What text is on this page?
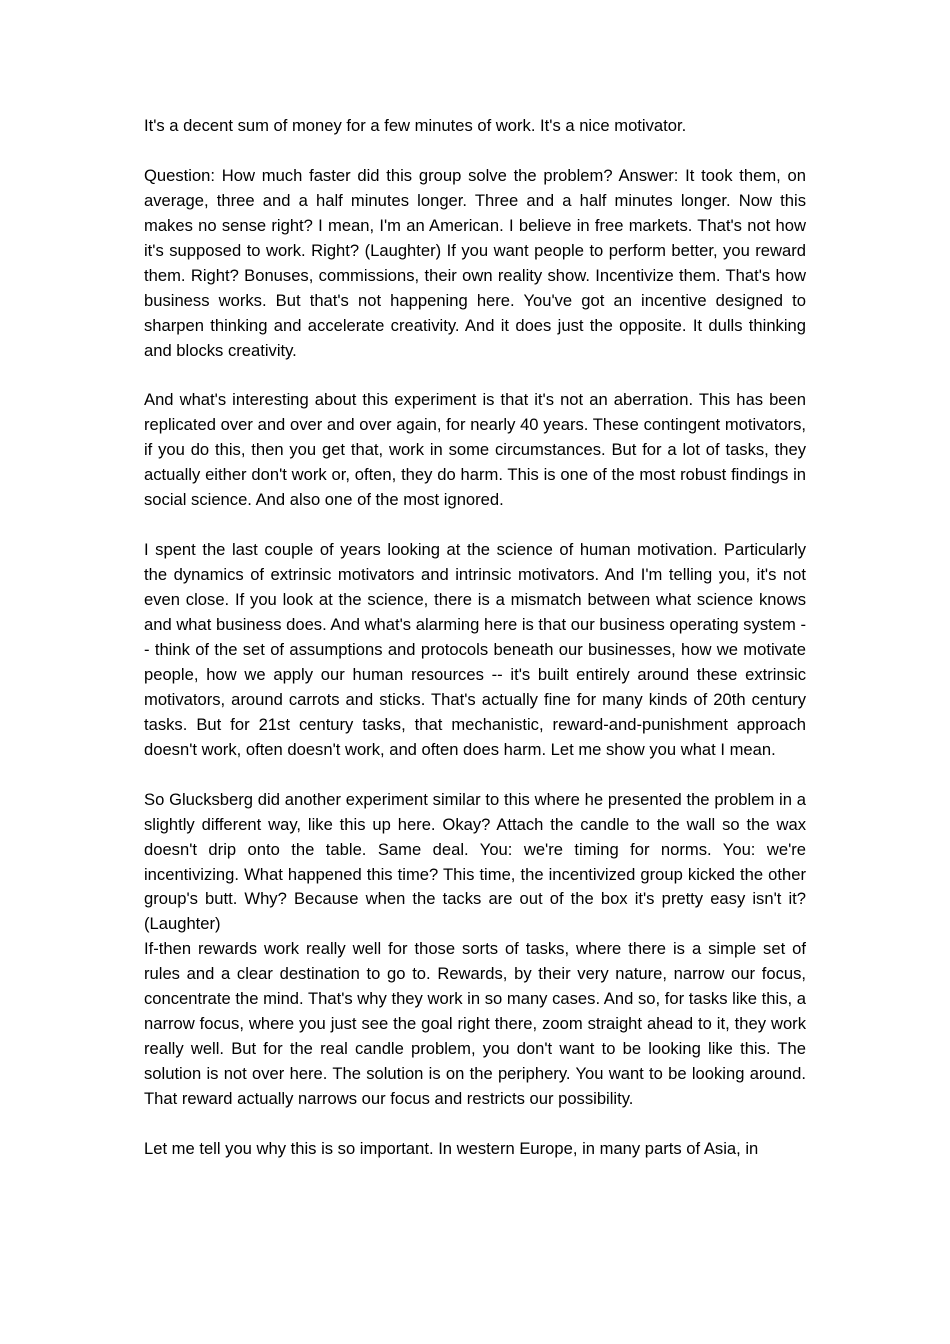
It's a decent sum of money for a few minutes of work. It's a nice motivator.

Question: How much faster did this group solve the problem? Answer: It took them, on average, three and a half minutes longer. Three and a half minutes longer. Now this makes no sense right? I mean, I'm an American. I believe in free markets. That's not how it's supposed to work. Right? (Laughter) If you want people to perform better, you reward them. Right? Bonuses, commissions, their own reality show. Incentivize them. That's how business works. But that's not happening here. You've got an incentive designed to sharpen thinking and accelerate creativity. And it does just the opposite. It dulls thinking and blocks creativity.

And what's interesting about this experiment is that it's not an aberration. This has been replicated over and over and over again, for nearly 40 years. These contingent motivators, if you do this, then you get that, work in some circumstances. But for a lot of tasks, they actually either don't work or, often, they do harm. This is one of the most robust findings in social science. And also one of the most ignored.

I spent the last couple of years looking at the science of human motivation. Particularly the dynamics of extrinsic motivators and intrinsic motivators. And I'm telling you, it's not even close. If you look at the science, there is a mismatch between what science knows and what business does. And what's alarming here is that our business operating system -- think of the set of assumptions and protocols beneath our businesses, how we motivate people, how we apply our human resources -- it's built entirely around these extrinsic motivators, around carrots and sticks. That's actually fine for many kinds of 20th century tasks. But for 21st century tasks, that mechanistic, reward-and-punishment approach doesn't work, often doesn't work, and often does harm. Let me show you what I mean.

So Glucksberg did another experiment similar to this where he presented the problem in a slightly different way, like this up here. Okay? Attach the candle to the wall so the wax doesn't drip onto the table. Same deal. You: we're timing for norms. You: we're incentivizing. What happened this time? This time, the incentivized group kicked the other group's butt. Why? Because when the tacks are out of the box it's pretty easy isn't it? (Laughter)

If-then rewards work really well for those sorts of tasks, where there is a simple set of rules and a clear destination to go to. Rewards, by their very nature, narrow our focus, concentrate the mind. That's why they work in so many cases. And so, for tasks like this, a narrow focus, where you just see the goal right there, zoom straight ahead to it, they work really well. But for the real candle problem, you don't want to be looking like this. The solution is not over here. The solution is on the periphery. You want to be looking around. That reward actually narrows our focus and restricts our possibility.

Let me tell you why this is so important. In western Europe, in many parts of Asia, in
